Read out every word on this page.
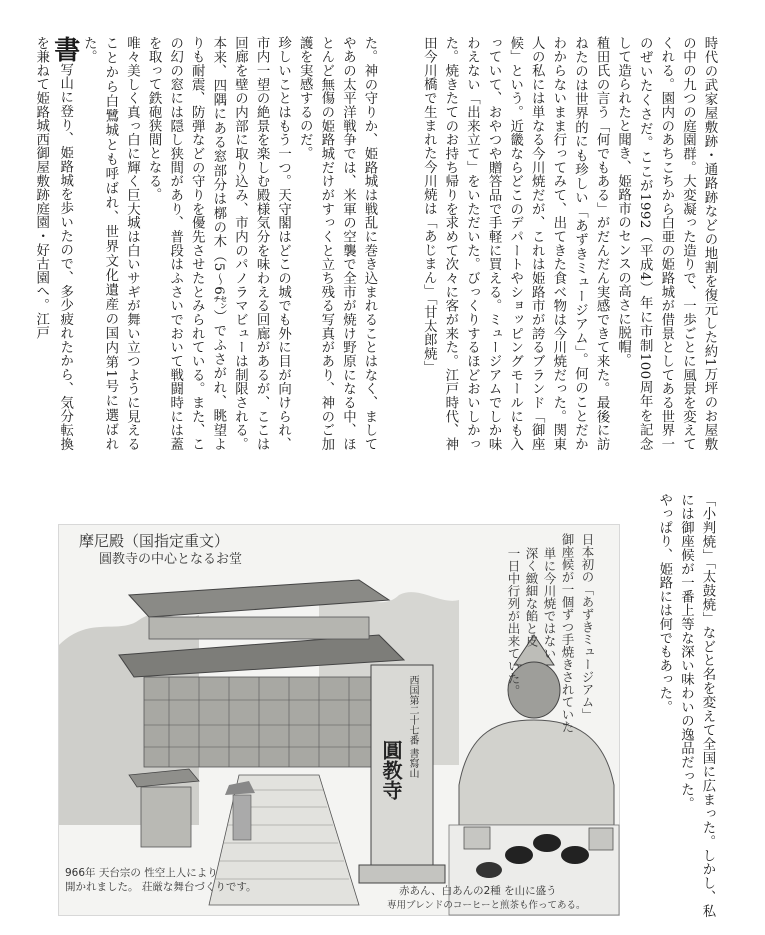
時代の武家屋敷跡・通路跡などの地割を復元した約1万坪のお屋敷の中の九つの庭園群。大変凝った造りで、一歩ごとに風景を変えてくれる。園内のあちこちから白亜の姫路城が借景としてある世界一のぜいたくさだ。ここが1992（平成4）年に市制100周年を記念して造られたと聞き、姫路市のセンスの高さに脱帽。
稙田氏の言う「何でもある」がだんだん実感できて来た。最後に訪ねたのは世界的にも珍しい「あずきミュージアム」。何のことだかわからないまま行ってみて、出てきた食べ物は今川焼だった。関東人の私には単なる今川焼だが、これは姫路市が誇るブランド「御座候」という。近畿ならどこのデパートやショッピングモールにも入っていて、おやつや贈答品で手軽に買える。ミュージアムでしか味わえない「出来立て」をいただいた。びっくりするほどおいしかった。焼きたてのお持ち帰りを求めて次々に客が来た。江戸時代、神田今川橋で生まれた今川焼は「あじまん」「甘太郎焼」
た。神の守りか、姫路城は戦乱に巻き込まれることはなく、ましてやあの太平洋戦争では、米軍の空襲で全市が焼け野原になる中、ほとんど無傷の姫路城だけがすっくと立ち残る写真があり、神のご加護を実感するのだ。
珍しいことはもう一つ。天守閣はどこの城でも外に目が向けられ、市内一望の絶景を楽しむ殿様気分を味わえる回廊があるが、ここは回廊を壁の内部に取り込み、市内のパノラマビューは制限される。本来、四隅にある窓部分は槨の木（5〜6㌢）でふさがれ、眺望よりも耐震、防弾などの守りを優先させたとみられている。また、この幻の窓には隠し狭間があり、普段はふさいでおいて戦闘時には蓋を取って鉄砲狭間となる。
唯々美しく真っ白に輝く巨大城は白いサギが舞い立つように見えることから白鷺城とも呼ばれ、世界文化遺産の国内第1号に選ばれた。
書写山に登り、姫路城を歩いたので、多少疲れたから、気分転換を兼ねて姫路城西御屋敷跡庭園・好古園へ。江戸
「小判焼」「太鼓焼」などと名を変えて全国に広まった。しかし、私には御座候が一番上等な深い味わいの逸品だった。
やっぱり、姫路には何でもあった。
摩尼殿（国指定重文）
圓教寺の中心となるお堂	日本初の「あずきミュージアム」
御座候が一個ずつ手焼きされていた
単に今川焼ではない
深く緻細な餡と皮
一日中行列が出来ていた。
西国第二十七番 書寫山
圓教寺
966年 天台宗の 性空上人により
開かれました。 荘厳な舞台づくりです。	赤あん、白あんの2種 を山に盛う
専用ブレンドのコーヒーと煎茶も作ってある。
